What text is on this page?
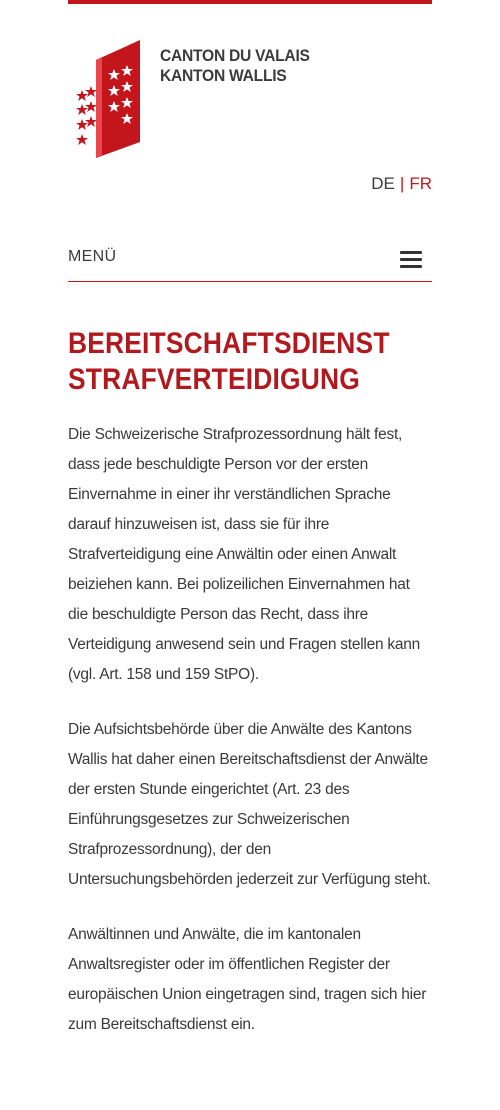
CANTON DU VALAIS
KANTON WALLIS
DE | FR
MENÜ
BEREITSCHAFTSDIENST
STRAFVERTEIDIGUNG

Die Schweizerische Strafprozessordnung hält fest, dass jede beschuldigte Person vor der ersten Einvernahme in einer ihr verständlichen Sprache darauf hinzuweisen ist, dass sie für ihre Strafverteidigung eine Anwältin oder einen Anwalt beiziehen kann. Bei polizeilichen Einvernahmen hat die beschuldigte Person das Recht, dass ihre Verteidigung anwesend sein und Fragen stellen kann (vgl. Art. 158 und 159 StPO).

Die Aufsichtsbehörde über die Anwälte des Kantons Wallis hat daher einen Bereitschaftsdienst der Anwälte der ersten Stunde eingerichtet (Art. 23 des Einführungsgesetzes zur Schweizerischen Strafprozessordnung), der den Untersuchungsbehörden jederzeit zur Verfügung steht.

Anwältinnen und Anwälte, die im kantonalen Anwaltsregister oder im öffentlichen Register der europäischen Union eingetragen sind, tragen sich hier zum Bereitschaftsdienst ein.
